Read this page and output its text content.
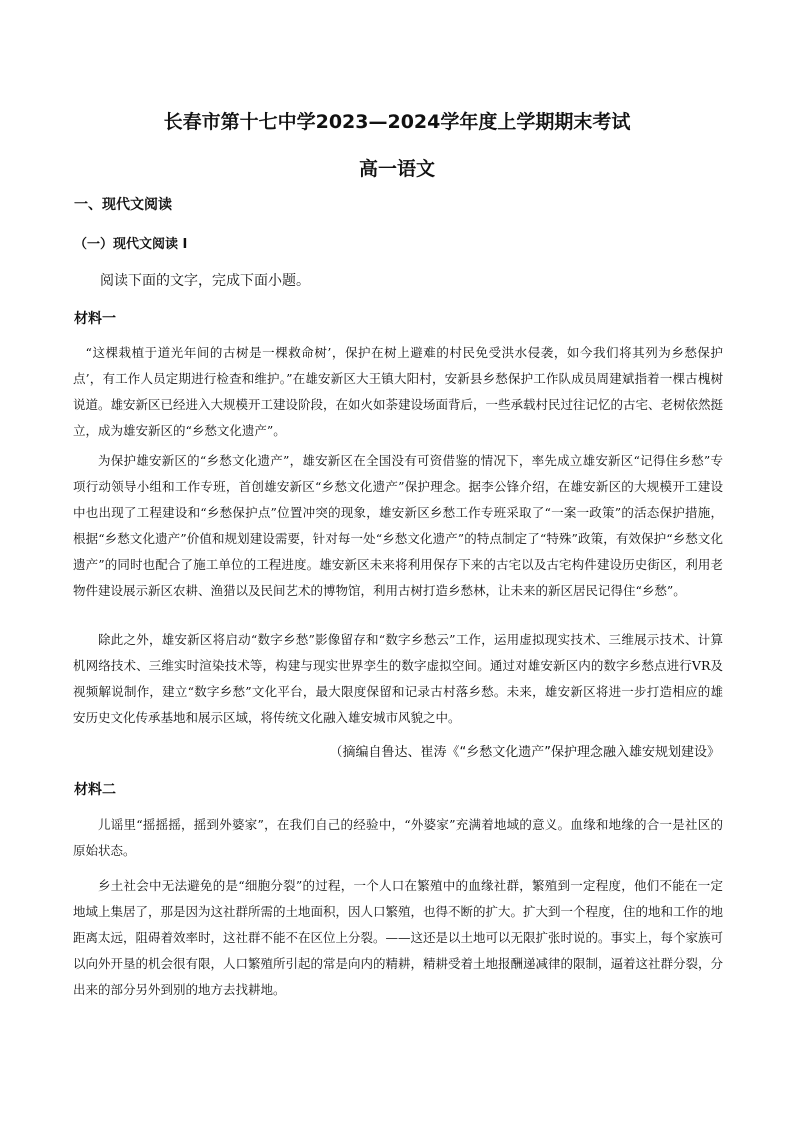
长春市第十七中学2023—2024学年度上学期期末考试
高一语文
一、现代文阅读
（一）现代文阅读 I

阅读下面的文字，完成下面小题。

材料一

“这棵栽植于道光年间的古树是一棵救命树’，保护在树上避难的村民免受洪水侵袭，如今我们将其列为乡愁保护点’，有工作人员定期进行检查和维护。”在雄安新区大王镇大阳村，安新县乡愁保护工作队成员周建斌指着一棵古槐树说道。雄安新区已经进入大规模开工建设阶段，在如火如荼建设场面背后，一些承载村民过往记忆的古宅、老树依然挺立，成为雄安新区的“乡愁文化遗产”。

为保护雄安新区的“乡愁文化遗产”，雄安新区在全国没有可资借鉴的情况下，率先成立雄安新区“记得住乡愁”专项行动领导小组和工作专班，首创雄安新区“乡愁文化遗产”保护理念。据李公锋介绍，在雄安新区的大规模开工建设中也出现了工程建设和“乡愁保护点”位置冲突的现象，雄安新区乡愁工作专班采取了“一案一政策”的活态保护措施，根据“乡愁文化遗产”价值和规划建设需要，针对每一处“乡愁文化遗产”的特点制定了“特殊”政策，有效保护“乡愁文化遗产”的同时也配合了施工单位的工程进度。雄安新区未来将利用保存下来的古宅以及古宅构件建设历史街区，利用老物件建设展示新区农耕、渔猎以及民间艺术的博物馆，利用古树打造乡愁林，让未来的新区居民记得住“乡愁”。

除此之外，雄安新区将启动“数字乡愁”影像留存和“数字乡愁云”工作，运用虚拟现实技术、三维展示技术、计算机网络技术、三维实时渲染技术等，构建与现实世界孪生的数字虚拟空间。通过对雄安新区内的数字乡愁点进行VR及视频解说制作，建立“数字乡愁”文化平台，最大限度保留和记录古村落乡愁。未来，雄安新区将进一步打造相应的雄安历史文化传承基地和展示区域，将传统文化融入雄安城市风貌之中。

（摘编自鲁达、崔涛《“乡愁文化遗产”保护理念融入雄安规划建设》

材料二

儿谣里“摇摇摇，摇到外婆家”，在我们自己的经验中，“外婆家”充满着地域的意义。血缘和地缘的合一是社区的原始状态。

乡土社会中无法避免的是“细胞分裂”的过程，一个人口在繁殖中的血缘社群，繁殖到一定程度，他们不能在一定地域上集居了，那是因为这社群所需的土地面积，因人口繁殖，也得不断的扩大。扩大到一个程度，住的地和工作的地距离太远，阻碍着效率时，这社群不能不在区位上分裂。——这还是以土地可以无限扩张时说的。事实上，每个家族可以向外开垦的机会很有限，人口繁殖所引起的常是向内的精耕，精耕受着土地报酬递减律的限制，逼着这社群分裂，分出来的部分另外到别的地方去找耕地。
